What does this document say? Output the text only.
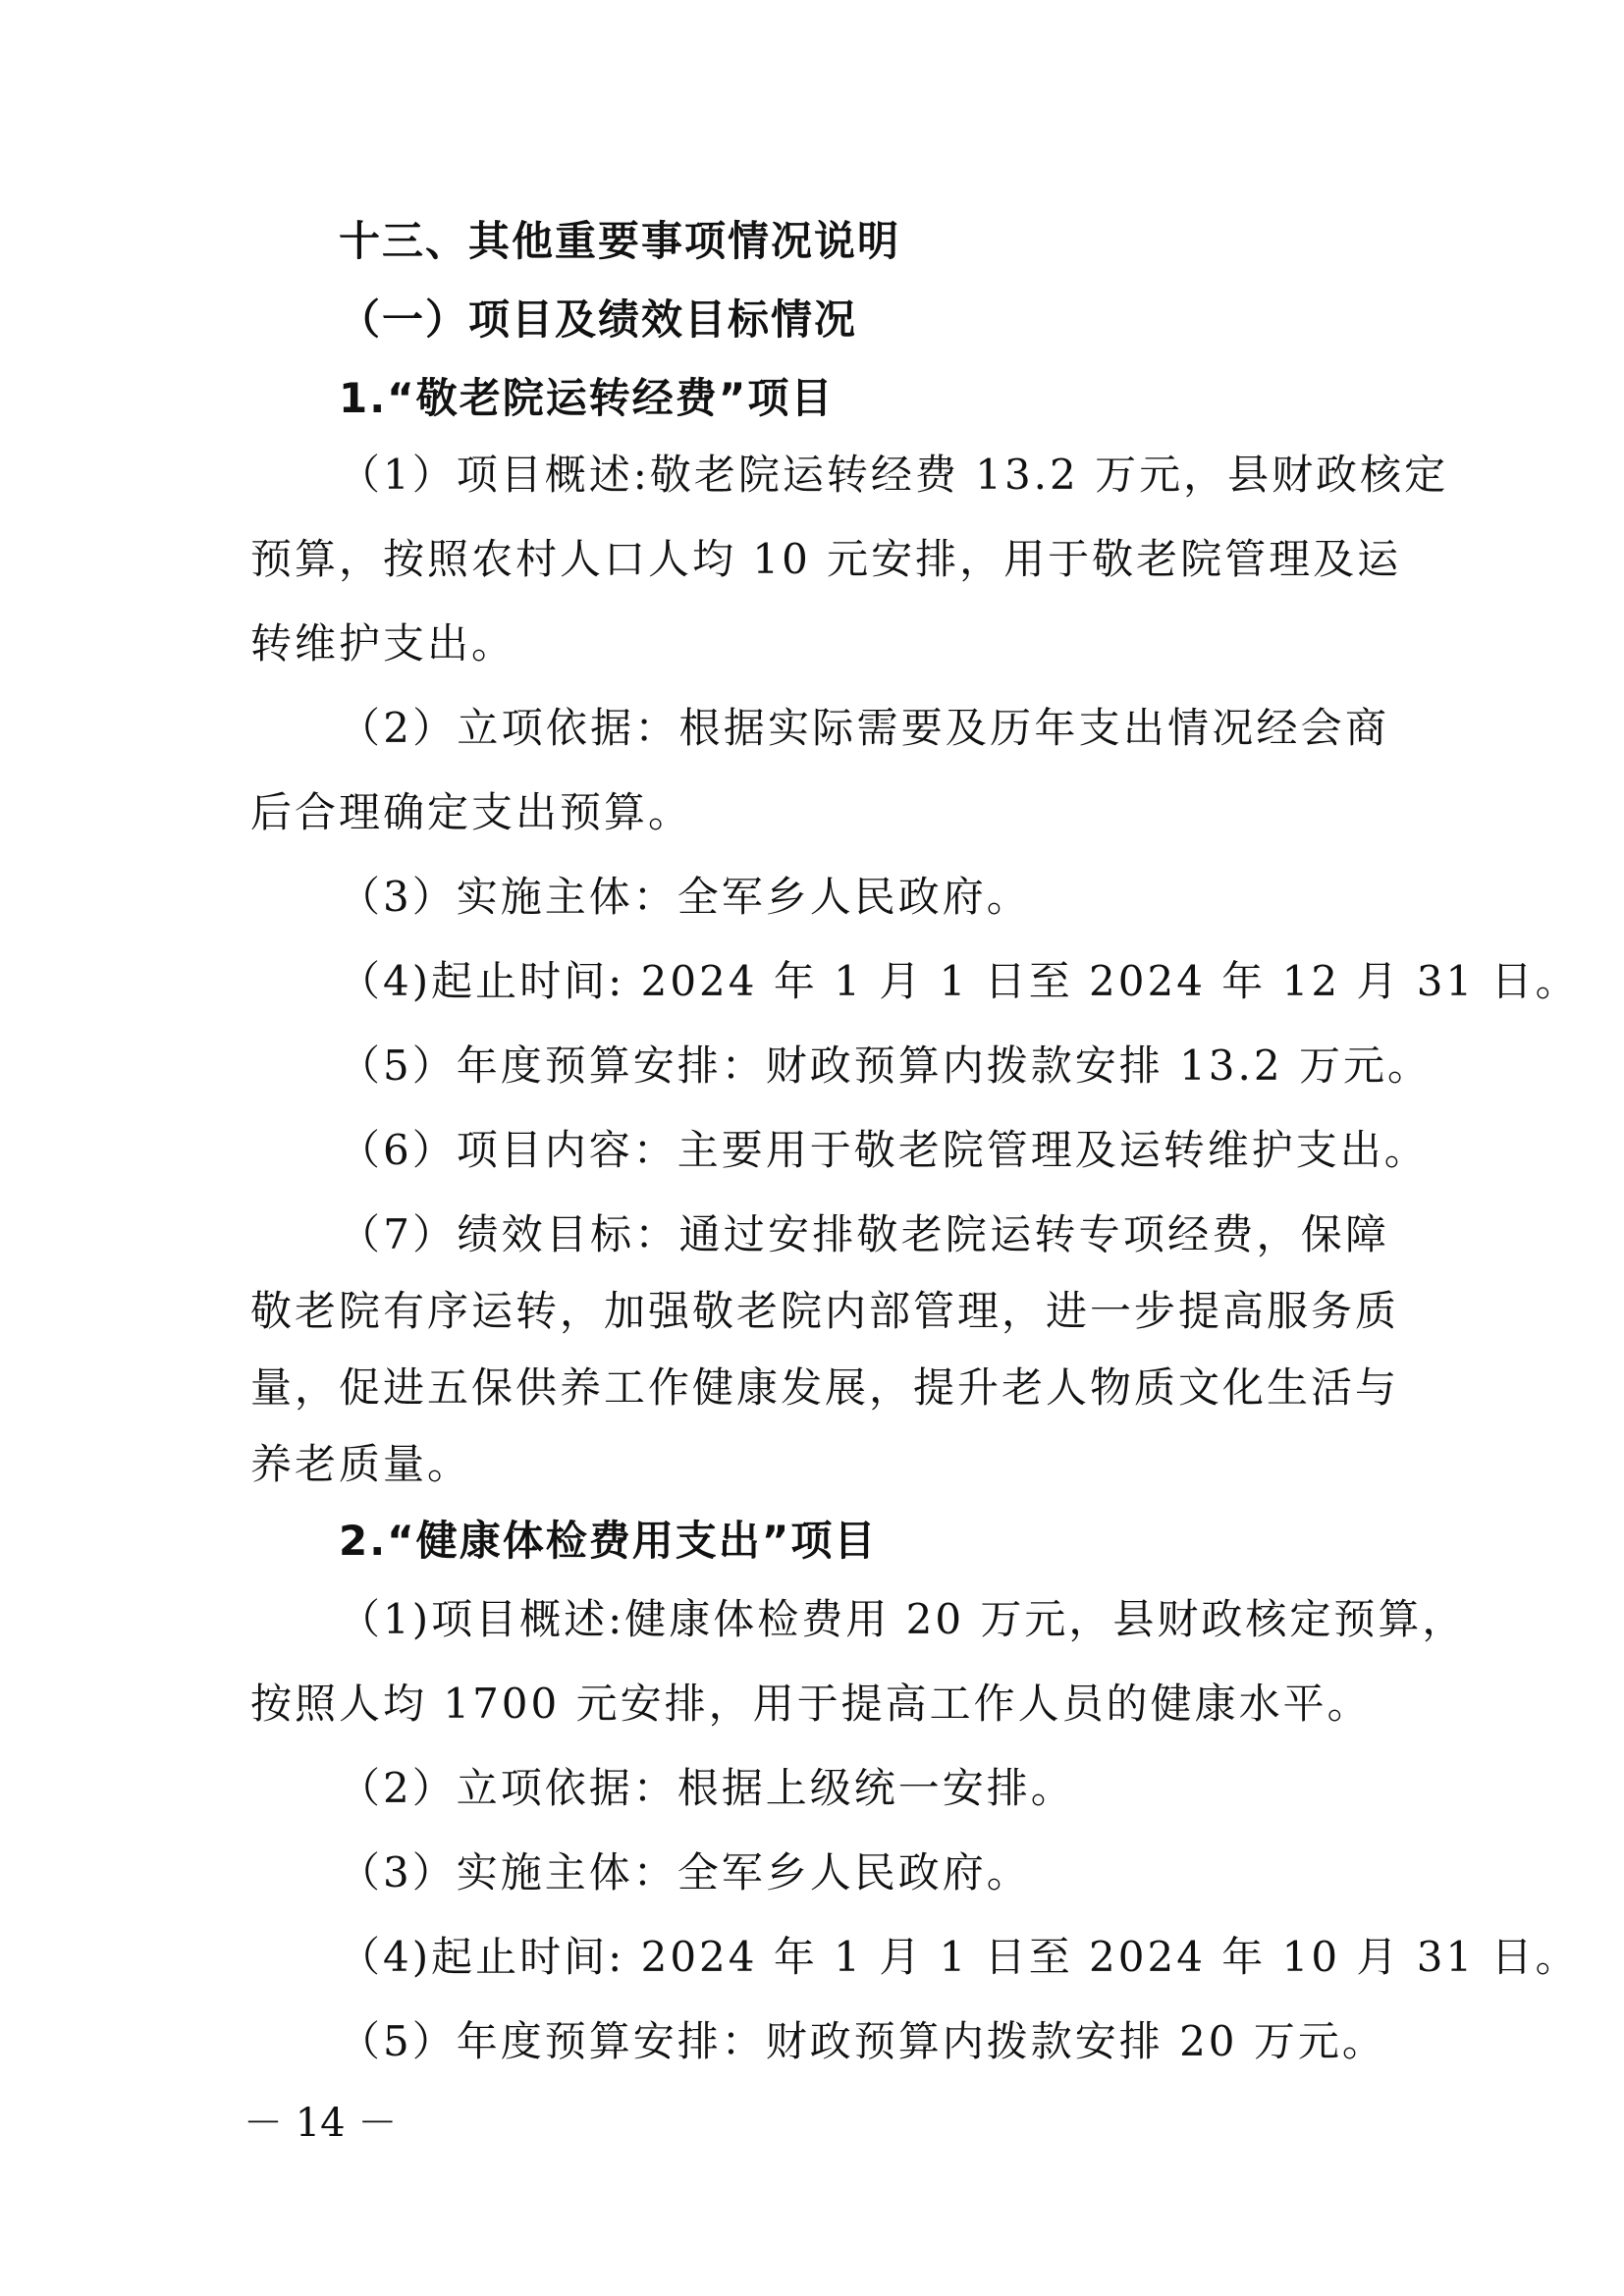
十三、其他重要事项情况说明
（一）项目及绩效目标情况
1.“敬老院运转经费”项目
（1）项目概述:敬老院运转经费 13.2 万元，县财政核定
预算，按照农村人口人均 10 元安排，用于敬老院管理及运
转维护支出。
（2）立项依据：根据实际需要及历年支出情况经会商
后合理确定支出预算。
（3）实施主体：全军乡人民政府。
（4)起止时间: 2024 年 1 月 1 日至 2024 年 12 月 31 日。
（5）年度预算安排：财政预算内拨款安排 13.2 万元。
（6）项目内容：主要用于敬老院管理及运转维护支出。
（7）绩效目标：通过安排敬老院运转专项经费，保障
敬老院有序运转，加强敬老院内部管理，进一步提高服务质
量，促进五保供养工作健康发展，提升老人物质文化生活与
养老质量。
2.“健康体检费用支出”项目
（1)项目概述:健康体检费用 20 万元，县财政核定预算，
按照人均 1700 元安排，用于提高工作人员的健康水平。
（2）立项依据：根据上级统一安排。
（3）实施主体：全军乡人民政府。
（4)起止时间: 2024 年 1 月 1 日至 2024 年 10 月 31 日。
（5）年度预算安排：财政预算内拨款安排 20 万元。
－ 14 －
